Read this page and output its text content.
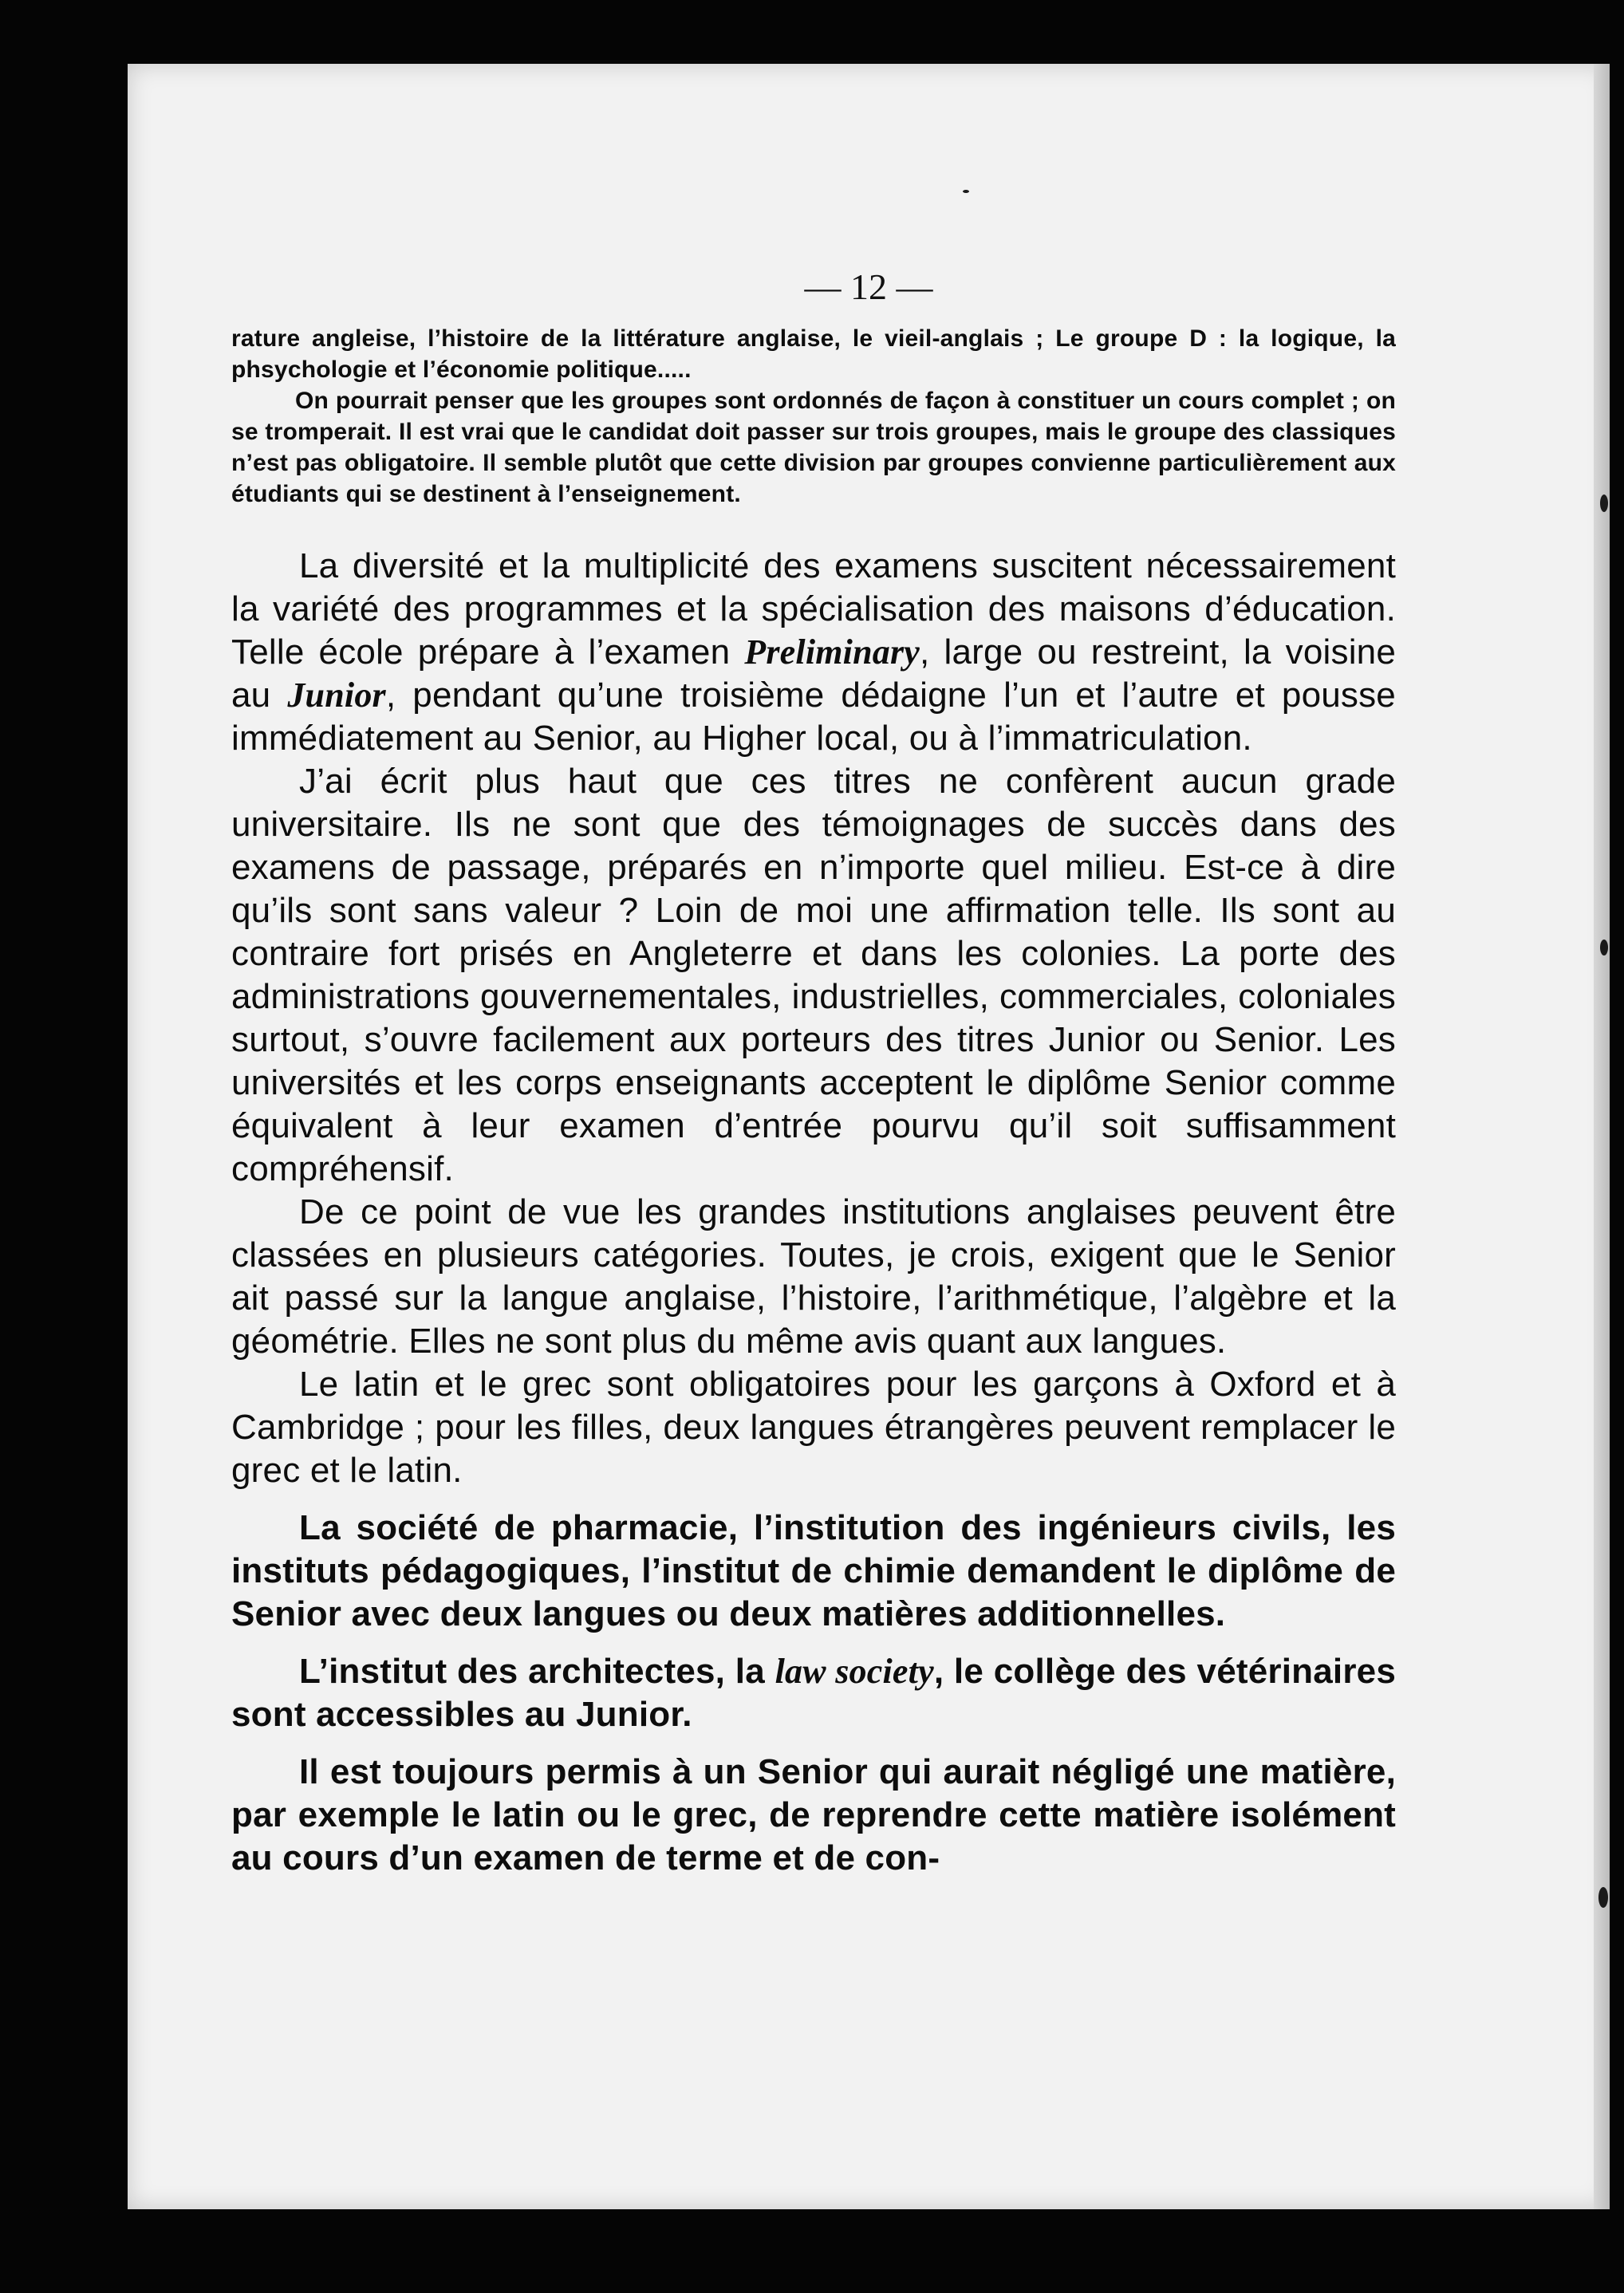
— 12 —

rature angleise, l’histoire de la littérature anglaise, le vieil-anglais ; Le groupe D : la logique, la phsychologie et l’économie politique.....

On pourrait penser que les groupes sont ordonnés de façon à constituer un cours complet ; on se tromperait. Il est vrai que le candidat doit passer sur trois groupes, mais le groupe des classiques n’est pas obligatoire. Il semble plutôt que cette division par groupes convienne particulièrement aux étudiants qui se destinent à l’enseignement.

La diversité et la multiplicité des examens suscitent nécessairement la variété des programmes et la spécialisation des maisons d’éducation. Telle école prépare à l’examen Preliminary, large ou restreint, la voisine au Junior, pendant qu’une troisième dédaigne l’un et l’autre et pousse immédiatement au Senior, au Higher local, ou à l’immatriculation.

J’ai écrit plus haut que ces titres ne confèrent aucun grade universitaire. Ils ne sont que des témoignages de succès dans des examens de passage, préparés en n’importe quel milieu. Est-ce à dire qu’ils sont sans valeur ? Loin de moi une affirmation telle. Ils sont au contraire fort prisés en Angleterre et dans les colonies. La porte des administrations gouvernementales, industrielles, commerciales, coloniales surtout, s’ouvre facilement aux porteurs des titres Junior ou Senior. Les universités et les corps enseignants acceptent le diplôme Senior comme équivalent à leur examen d’entrée pourvu qu’il soit suffisamment compréhensif.

De ce point de vue les grandes institutions anglaises peuvent être classées en plusieurs catégories. Toutes, je crois, exigent que le Senior ait passé sur la langue anglaise, l’histoire, l’arithmétique, l’algèbre et la géométrie. Elles ne sont plus du même avis quant aux langues.

Le latin et le grec sont obligatoires pour les garçons à Oxford et à Cambridge ; pour les filles, deux langues étrangères peuvent remplacer le grec et le latin.

La société de pharmacie, l’institution des ingénieurs civils, les instituts pédagogiques, l’institut de chimie demandent le diplôme de Senior avec deux langues ou deux matières additionnelles.

L’institut des architectes, la law society, le collège des vétérinaires sont accessibles au Junior.

Il est toujours permis à un Senior qui aurait négligé une matière, par exemple le latin ou le grec, de reprendre cette matière isolément au cours d’un examen de terme et de con-
